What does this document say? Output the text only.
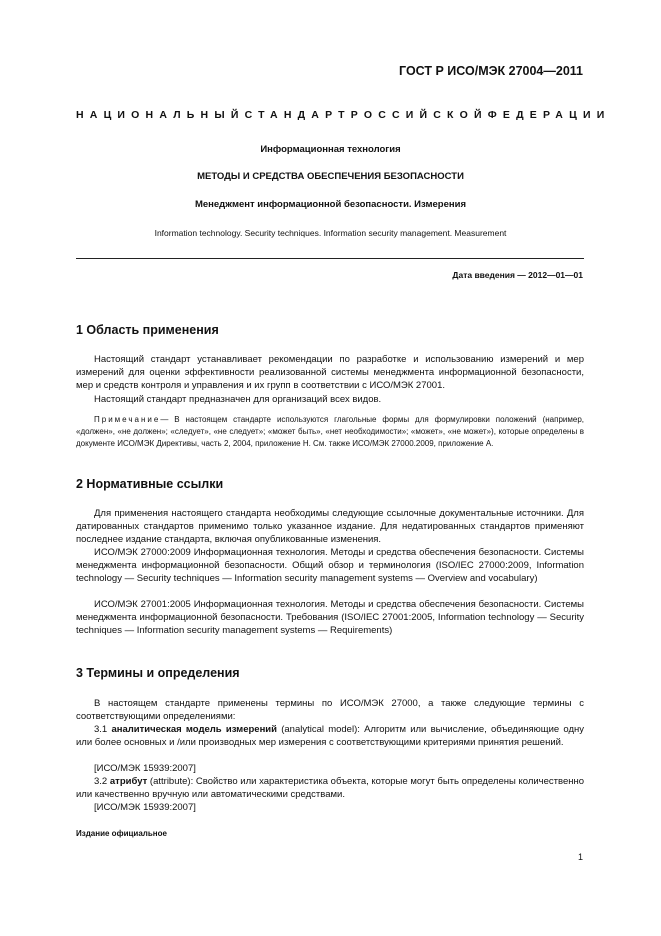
ГОСТ Р ИСО/МЭК 27004—2011
НАЦИОНАЛЬНЫЙ СТАНДАРТ РОССИЙСКОЙ ФЕДЕРАЦИИ
Информационная технология
МЕТОДЫ И СРЕДСТВА ОБЕСПЕЧЕНИЯ БЕЗОПАСНОСТИ
Менеджмент информационной безопасности. Измерения
Information technology. Security techniques. Information security management. Measurement
Дата введения — 2012—01—01
1 Область применения

Настоящий стандарт устанавливает рекомендации по разработке и использованию измерений и мер измерений для оценки эффективности реализованной системы менеджмента информационной безопасности, мер и средств контроля и управления и их групп в соответствии с ИСО/МЭК 27001.

Настоящий стандарт предназначен для организаций всех видов.

Примечание— В настоящем стандарте используются глагольные формы для формулировки положений (например, «должен», «не должен»; «следует», «не следует»; «может быть», «нет необходимости»; «может», «не может»), которые определены в документе ИСО/МЭК Директивы, часть 2, 2004, приложение H. См. также ИСО/МЭК 27000.2009, приложение А.

2 Нормативные ссылки

Для применения настоящего стандарта необходимы следующие ссылочные документальные источники. Для датированных стандартов применимо только указанное издание. Для недатированных стандартов применяют последнее издание стандарта, включая опубликованные изменения.

ИСО/МЭК 27000:2009 Информационная технология. Методы и средства обеспечения безопасности. Системы менеджмента информационной безопасности. Общий обзор и терминология (ISO/IEC 27000:2009, Information technology — Security techniques — Information security management systems — Overview and vocabulary)

ИСО/МЭК 27001:2005 Информационная технология. Методы и средства обеспечения безопасности. Системы менеджмента информационной безопасности. Требования (ISO/IEC 27001:2005, Information technology — Security techniques — Information security management systems — Requirements)

3 Термины и определения

В настоящем стандарте применены термины по ИСО/МЭК 27000, а также следующие термины с соответствующими определениями:

3.1 аналитическая модель измерений (analytical model): Алгоритм или вычисление, объединяющие одну или более основных и /или производных мер измерения с соответствующими критериями принятия решений.

[ИСО/МЭК 15939:2007]

3.2 атрибут (attribute): Свойство или характеристика объекта, которые могут быть определены количественно или качественно вручную или автоматическими средствами.

[ИСО/МЭК 15939:2007]

Издание официальное
1
